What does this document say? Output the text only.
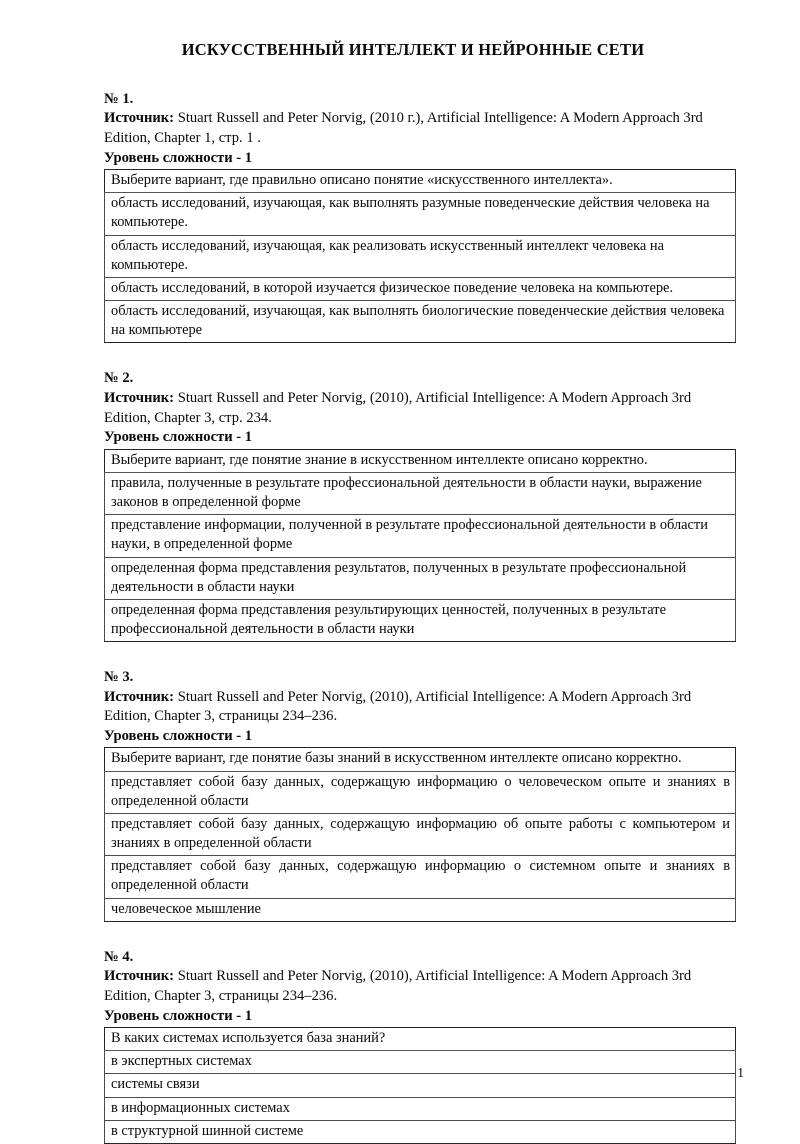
ИСКУССТВЕННЫЙ ИНТЕЛЛЕКТ И НЕЙРОННЫЕ СЕТИ

№ 1.

Источник: Stuart Russell and Peter Norvig, (2010 г.), Artificial Intelligence: A Modern Approach 3rd Edition, Chapter 1, стр. 1 .

Уровень сложности - 1

Выберите вариант, где правильно описано понятие «искусственного интеллекта».
область исследований, изучающая, как выполнять разумные поведенческие действия человека на компьютере.
область исследований, изучающая, как реализовать искусственный интеллект человека на компьютере.
область исследований, в которой изучается физическое поведение человека на компьютере.
область исследований, изучающая, как выполнять биологические поведенческие действия человека на компьютере

№ 2.

Источник: Stuart Russell and Peter Norvig, (2010), Artificial Intelligence: A Modern Approach 3rd Edition, Chapter 3, стр. 234.

Уровень сложности - 1

Выберите вариант, где понятие знание в искусственном интеллекте описано корректно.
правила, полученные в результате профессиональной деятельности в области науки, выражение законов в определенной форме
представление информации, полученной в результате профессиональной деятельности в области науки, в определенной форме
определенная форма представления результатов, полученных в результате профессиональной деятельности в области науки
определенная форма представления результирующих ценностей, полученных в результате профессиональной деятельности в области науки

№ 3.

Источник: Stuart Russell and Peter Norvig, (2010), Artificial Intelligence: A Modern Approach 3rd Edition, Chapter 3, страницы 234–236.

Уровень сложности - 1

Выберите вариант, где понятие базы знаний в искусственном интеллекте описано корректно.
представляет собой базу данных, содержащую информацию о человеческом опыте и знаниях в определенной области
представляет собой базу данных, содержащую информацию об опыте работы с компьютером и знаниях в определенной области
представляет собой базу данных, содержащую информацию о системном опыте и знаниях в определенной области
человеческое мышление

№ 4.

Источник: Stuart Russell and Peter Norvig, (2010), Artificial Intelligence: A Modern Approach 3rd Edition, Chapter 3, страницы 234–236.

Уровень сложности - 1

В каких системах используется база знаний?
в экспертных системах
системы связи
в информационных системах
в структурной шинной системе
1
